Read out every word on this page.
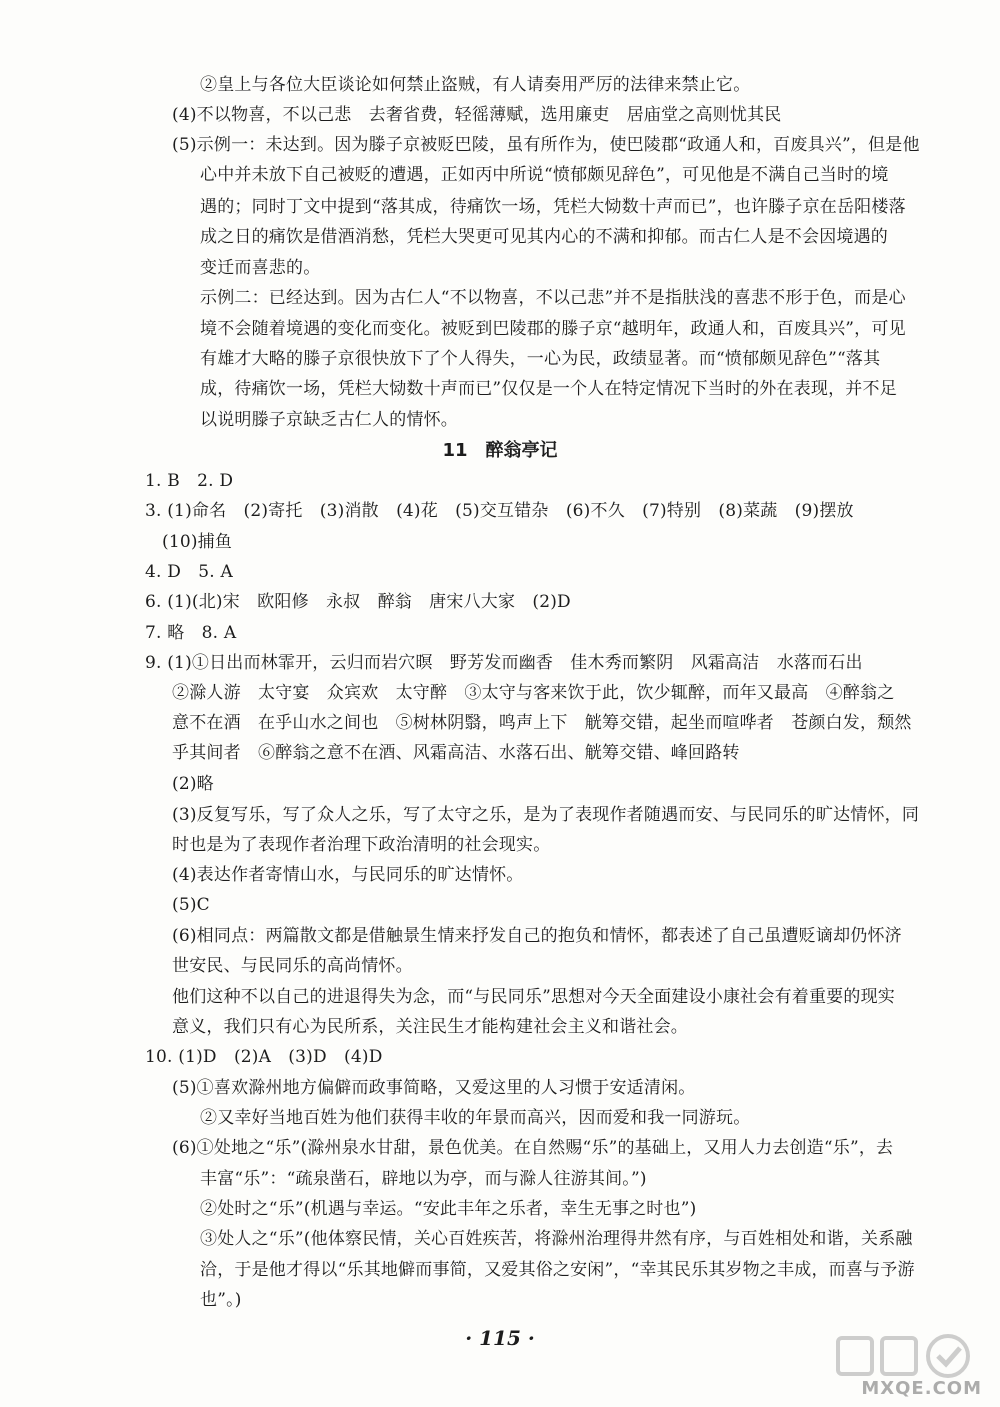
②皇上与各位大臣谈论如何禁止盗贼，有人请奏用严厉的法律来禁止它。
(4)不以物喜，不以己悲　去奢省费，轻徭薄赋，选用廉吏　居庙堂之高则忧其民
(5)示例一：未达到。因为滕子京被贬巴陵，虽有所作为，使巴陵郡“政通人和，百废具兴”，但是他
心中并未放下自己被贬的遭遇，正如丙中所说“愤郁颇见辞色”，可见他是不满自己当时的境
遇的；同时丁文中提到“落其成，待痛饮一场，凭栏大恸数十声而已”，也许滕子京在岳阳楼落
成之日的痛饮是借酒消愁，凭栏大哭更可见其内心的不满和抑郁。而古仁人是不会因境遇的
变迁而喜悲的。
示例二：已经达到。因为古仁人“不以物喜，不以己悲”并不是指肤浅的喜悲不形于色，而是心
境不会随着境遇的变化而变化。被贬到巴陵郡的滕子京“越明年，政通人和，百废具兴”，可见
有雄才大略的滕子京很快放下了个人得失，一心为民，政绩显著。而“愤郁颇见辞色”“落其
成，待痛饮一场，凭栏大恸数十声而已”仅仅是一个人在特定情况下当时的外在表现，并不足
以说明滕子京缺乏古仁人的情怀。
11　醉翁亭记
1. B　2. D
3. (1)命名　(2)寄托　(3)消散　(4)花　(5)交互错杂　(6)不久　(7)特别　(8)菜蔬　(9)摆放
(10)捕鱼
4. D　5. A
6. (1)(北)宋　欧阳修　永叔　醉翁　唐宋八大家　(2)D
7. 略　8. A
9. (1)①日出而林霏开，云归而岩穴暝　野芳发而幽香　佳木秀而繁阴　风霜高洁　水落而石出
②滁人游　太守宴　众宾欢　太守醉　③太守与客来饮于此，饮少辄醉，而年又最高　④醉翁之
意不在酒　在乎山水之间也　⑤树林阴翳，鸣声上下　觥筹交错，起坐而喧哗者　苍颜白发，颓然
乎其间者　⑥醉翁之意不在酒、风霜高洁、水落石出、觥筹交错、峰回路转
(2)略
(3)反复写乐，写了众人之乐，写了太守之乐，是为了表现作者随遇而安、与民同乐的旷达情怀，同
时也是为了表现作者治理下政治清明的社会现实。
(4)表达作者寄情山水，与民同乐的旷达情怀。
(5)C
(6)相同点：两篇散文都是借触景生情来抒发自己的抱负和情怀，都表述了自己虽遭贬谪却仍怀济
世安民、与民同乐的高尚情怀。
他们这种不以自己的进退得失为念，而“与民同乐”思想对今天全面建设小康社会有着重要的现实
意义，我们只有心为民所系，关注民生才能构建社会主义和谐社会。
10. (1)D　(2)A　(3)D　(4)D
(5)①喜欢滁州地方偏僻而政事简略，又爱这里的人习惯于安适清闲。
②又幸好当地百姓为他们获得丰收的年景而高兴，因而爱和我一同游玩。
(6)①处地之“乐”(滁州泉水甘甜，景色优美。在自然赐“乐”的基础上，又用人力去创造“乐”，去
丰富“乐”：“疏泉凿石，辟地以为亭，而与滁人往游其间。”)
②处时之“乐”(机遇与幸运。“安此丰年之乐者，幸生无事之时也”)
③处人之“乐”(他体察民情，关心百姓疾苦，将滁州治理得井然有序，与百姓相处和谐，关系融
洽，于是他才得以“乐其地僻而事简，又爱其俗之安闲”，“幸其民乐其岁物之丰成，而喜与予游
也”。)
· 115 ·
MXQE.COM
